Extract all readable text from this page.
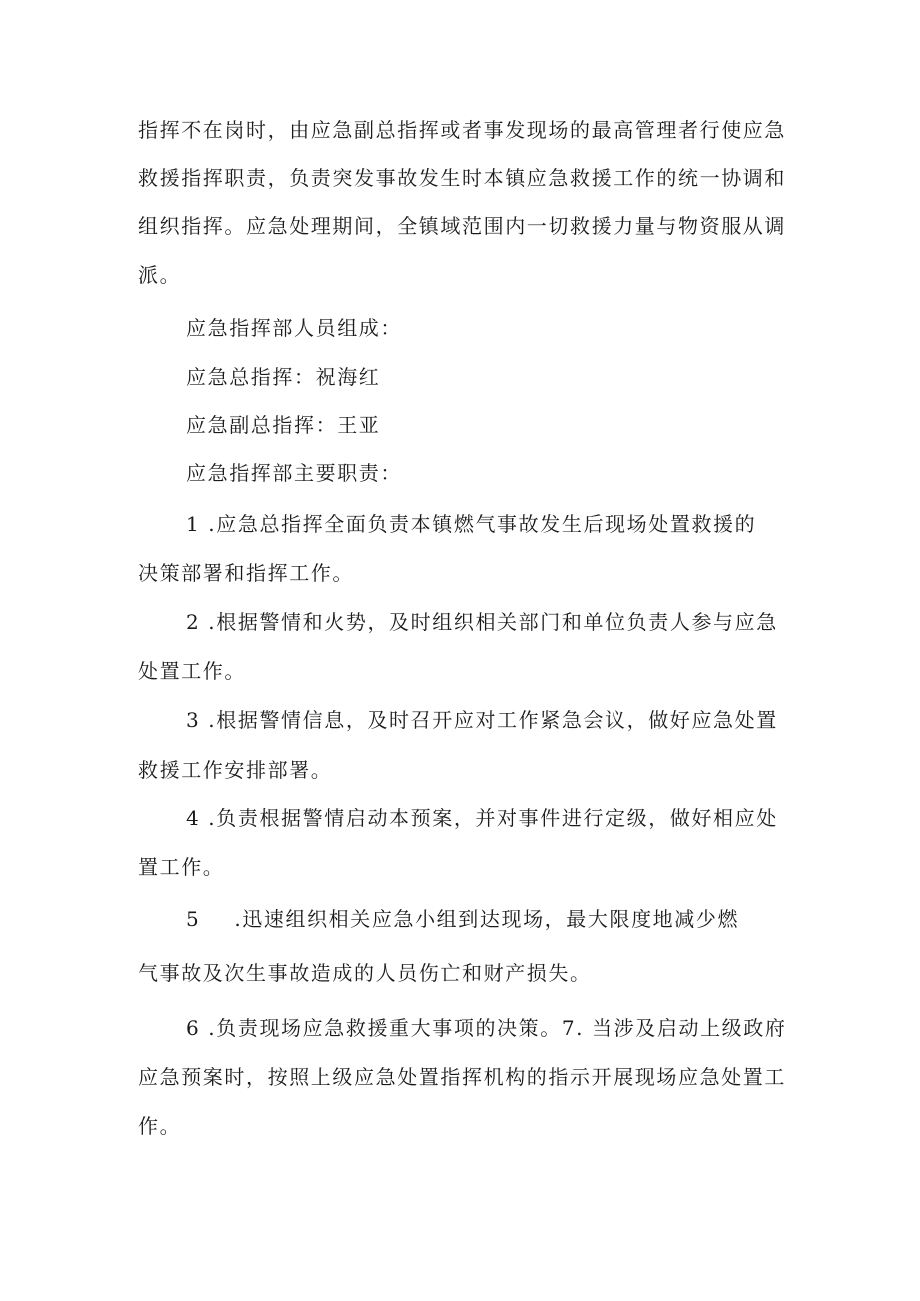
指挥不在岗时，由应急副总指挥或者事发现场的最高管理者行使应急
救援指挥职责，负责突发事故发生时本镇应急救援工作的统一协调和
组织指挥。应急处理期间，全镇域范围内一切救援力量与物资服从调
派。
应急指挥部人员组成：
应急总指挥：祝海红
应急副总指挥：王亚
应急指挥部主要职责：
1 .应急总指挥全面负责本镇燃气事故发生后现场处置救援的
决策部署和指挥工作。
2 .根据警情和火势，及时组织相关部门和单位负责人参与应急
处置工作。
3 .根据警情信息，及时召开应对工作紧急会议，做好应急处置
救援工作安排部署。
4 .负责根据警情启动本预案，并对事件进行定级，做好相应处
置工作。
5 .迅速组织相关应急小组到达现场，最大限度地减少燃
气事故及次生事故造成的人员伤亡和财产损失。
6 .负责现场应急救援重大事项的决策。7. 当涉及启动上级政府
应急预案时，按照上级应急处置指挥机构的指示开展现场应急处置工
作。
